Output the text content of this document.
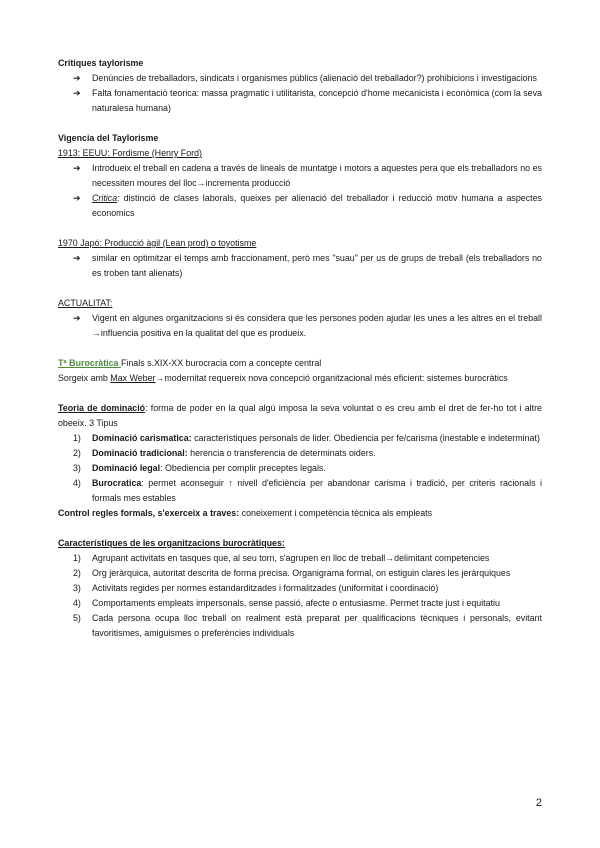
Crítiques taylorisme

➔ Denúncies de treballadors, sindicats i organismes públics (alienació del treballador?) prohibicions i investigacions
➔ Falta fonamentació teorica: massa pragmatic i utilitarista, concepció d'home mecanicista i econòmica (com la seva naturalesa humana)

Vigencia del Taylorisme

1913: EEUU: Fordisme (Henry Ford)

➔ Introdueix el treball en cadena a través de lineals de muntatge i motors a aquestes pera que els treballadors no es necessiten moures del lloc→incrementa producció
➔ Critica: distinció de clases laborals, queixes per alienació del treballador i reducció motiv humana a aspectes economics

1970 Japó: Producció àgil (Lean prod) o toyotisme

➔ similar en optimitzar el temps amb fraccionament, però mes "suau" per us de grups de treball (els treballadors no es troben tant alienats)

ACTUALITAT:

➔ Vigent en algunes organitzacions si és considera que les persones poden ajudar les unes a les altres en el treball →influencia positiva en la qualitat del que es produeix.

Tª Burocràtica Finals s.XIX-XX burocracia com a concepte central

Sorgeix amb Max Weber→modernitat requereix nova concepció organitzacional més eficient: sistemes burocràtics

Teoria de dominació: forma de poder en la qual algú imposa la seva voluntat o es creu amb el dret de fer-ho tot i altre obeeix. 3 Tipus

1) Dominació carismatica: característiques personals de lider. Obediencia per fe/carisma (inestable e indeterminat)
2) Dominació tradicional: herencia o transferencia de determinats oiders.
3) Dominació legal: Obediencia per complir preceptes legals.
4) Burocratica: permet aconseguir ↑ nivell d'eficiència per abandonar carisma i tradició, per criteris racionals i formals mes estables

Control regles formals, s'exerceix a traves: coneixement i competència tècnica als empleats

Característiques de les organitzacions burocràtiques:

1) Agrupant activitats en tasques que, al seu torn, s'agrupen en lloc de treball→delimitant competencies
2) Org jeràrquica, autoritat descrita de forma precisa. Organigrama formal, on estiguin clares les jeràrquiques
3) Activitats regides per normes estandarditzades i formalitzades (uniformitat i coordinació)
4) Comportaments empleats impersonals, sense passió, afecte o entusiasme. Permet tracte just i equitatiu
5) Cada persona ocupa lloc treball on realment està preparat per qualificacions tècniques i personals, evitant favoritismes, amiguismes o preferències individuals
2
